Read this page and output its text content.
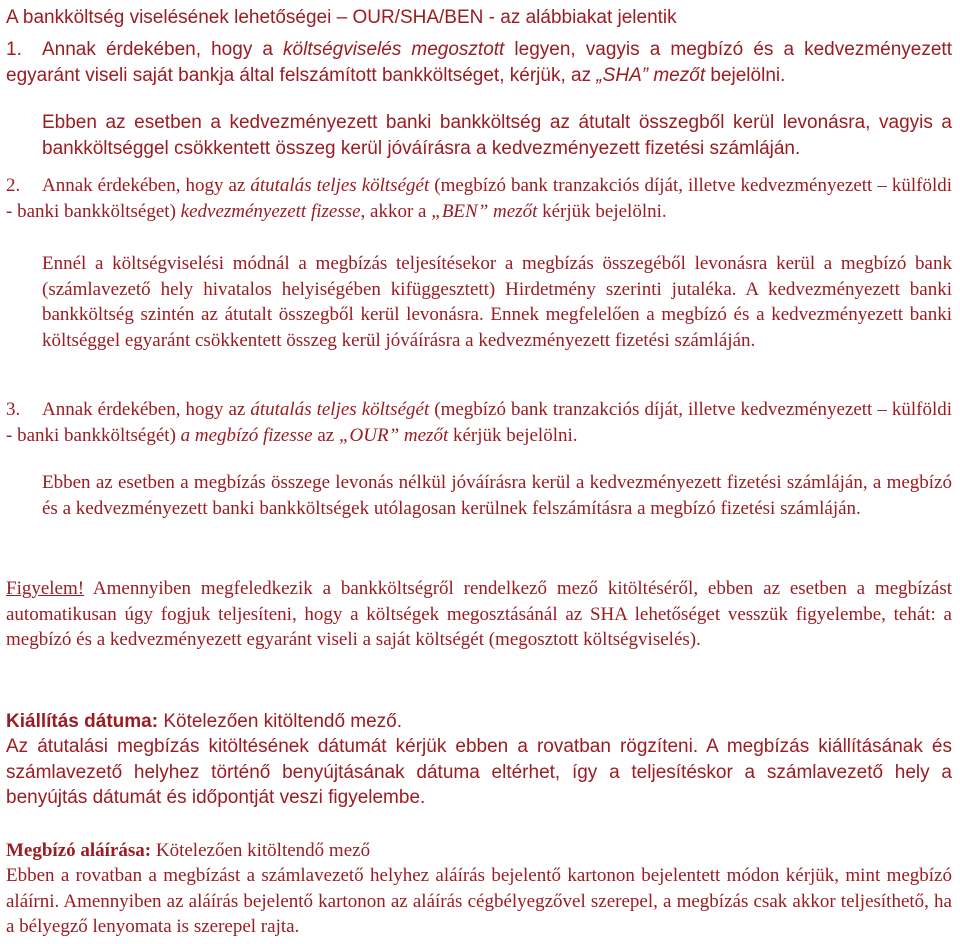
A bankköltség viselésének lehetőségei – OUR/SHA/BEN - az alábbiakat jelentik

1. Annak érdekében, hogy a költségviselés megosztott legyen, vagyis a megbízó és a kedvezményezett egyaránt viseli saját bankja által felszámított bankköltséget, kérjük, az „SHA” mezőt bejelölni.

Ebben az esetben a kedvezményezett banki bankköltség az átutalt összegből kerül levonásra, vagyis a bankköltséggel csökkentett összeg kerül jóváírásra a kedvezményezett fizetési számláján.

2. Annak érdekében, hogy az átutalás teljes költségét (megbízó bank tranzakciós díját, illetve kedvezményezett – külföldi - banki bankköltséget) kedvezményezett fizesse, akkor a „BEN” mezőt kérjük bejelölni.

Ennél a költségviselési módnál a megbízás teljesítésekor a megbízás összegéből levonásra kerül a megbízó bank (számlavezető hely hivatalos helyiségében kifüggesztett) Hirdetmény szerinti jutaléka. A kedvezményezett banki bankköltség szintén az átutalt összegből kerül levonásra. Ennek megfelelően a megbízó és a kedvezményezett banki költséggel egyaránt csökkentett összeg kerül jóváírásra a kedvezményezett fizetési számláján.

3. Annak érdekében, hogy az átutalás teljes költségét (megbízó bank tranzakciós díját, illetve kedvezményezett – külföldi - banki bankköltségét) a megbízó fizesse az „OUR” mezőt kérjük bejelölni.

Ebben az esetben a megbízás összege levonás nélkül jóváírásra kerül a kedvezményezett fizetési számláján, a megbízó és a kedvezményezett banki bankköltségek utólagosan kerülnek felszámításra a megbízó fizetési számláján.

Figyelem! Amennyiben megfeledkezik a bankköltségről rendelkező mező kitöltéséről, ebben az esetben a megbízást automatikusan úgy fogjuk teljesíteni, hogy a költségek megosztásánál az SHA lehetőséget vesszük figyelembe, tehát: a megbízó és a kedvezményezett egyaránt viseli a saját költségét (megosztott költségviselés).

Kiállítás dátuma: Kötelezően kitöltendő mező.

Az átutalási megbízás kitöltésének dátumát kérjük ebben a rovatban rögzíteni. A megbízás kiállításának és számlavezető helyhez történő benyújtásának dátuma eltérhet, így a teljesítéskor a számlavezető hely a benyújtás dátumát és időpontját veszi figyelembe.

Megbízó aláírása: Kötelezően kitöltendő mező

Ebben a rovatban a megbízást a számlavezető helyhez aláírás bejelentő kartonon bejelentett módon kérjük, mint megbízó aláírni. Amennyiben az aláírás bejelentő kartonon az aláírás cégbélyegzővel szerepel, a megbízás csak akkor teljesíthető, ha a bélyegző lenyomata is szerepel rajta.
